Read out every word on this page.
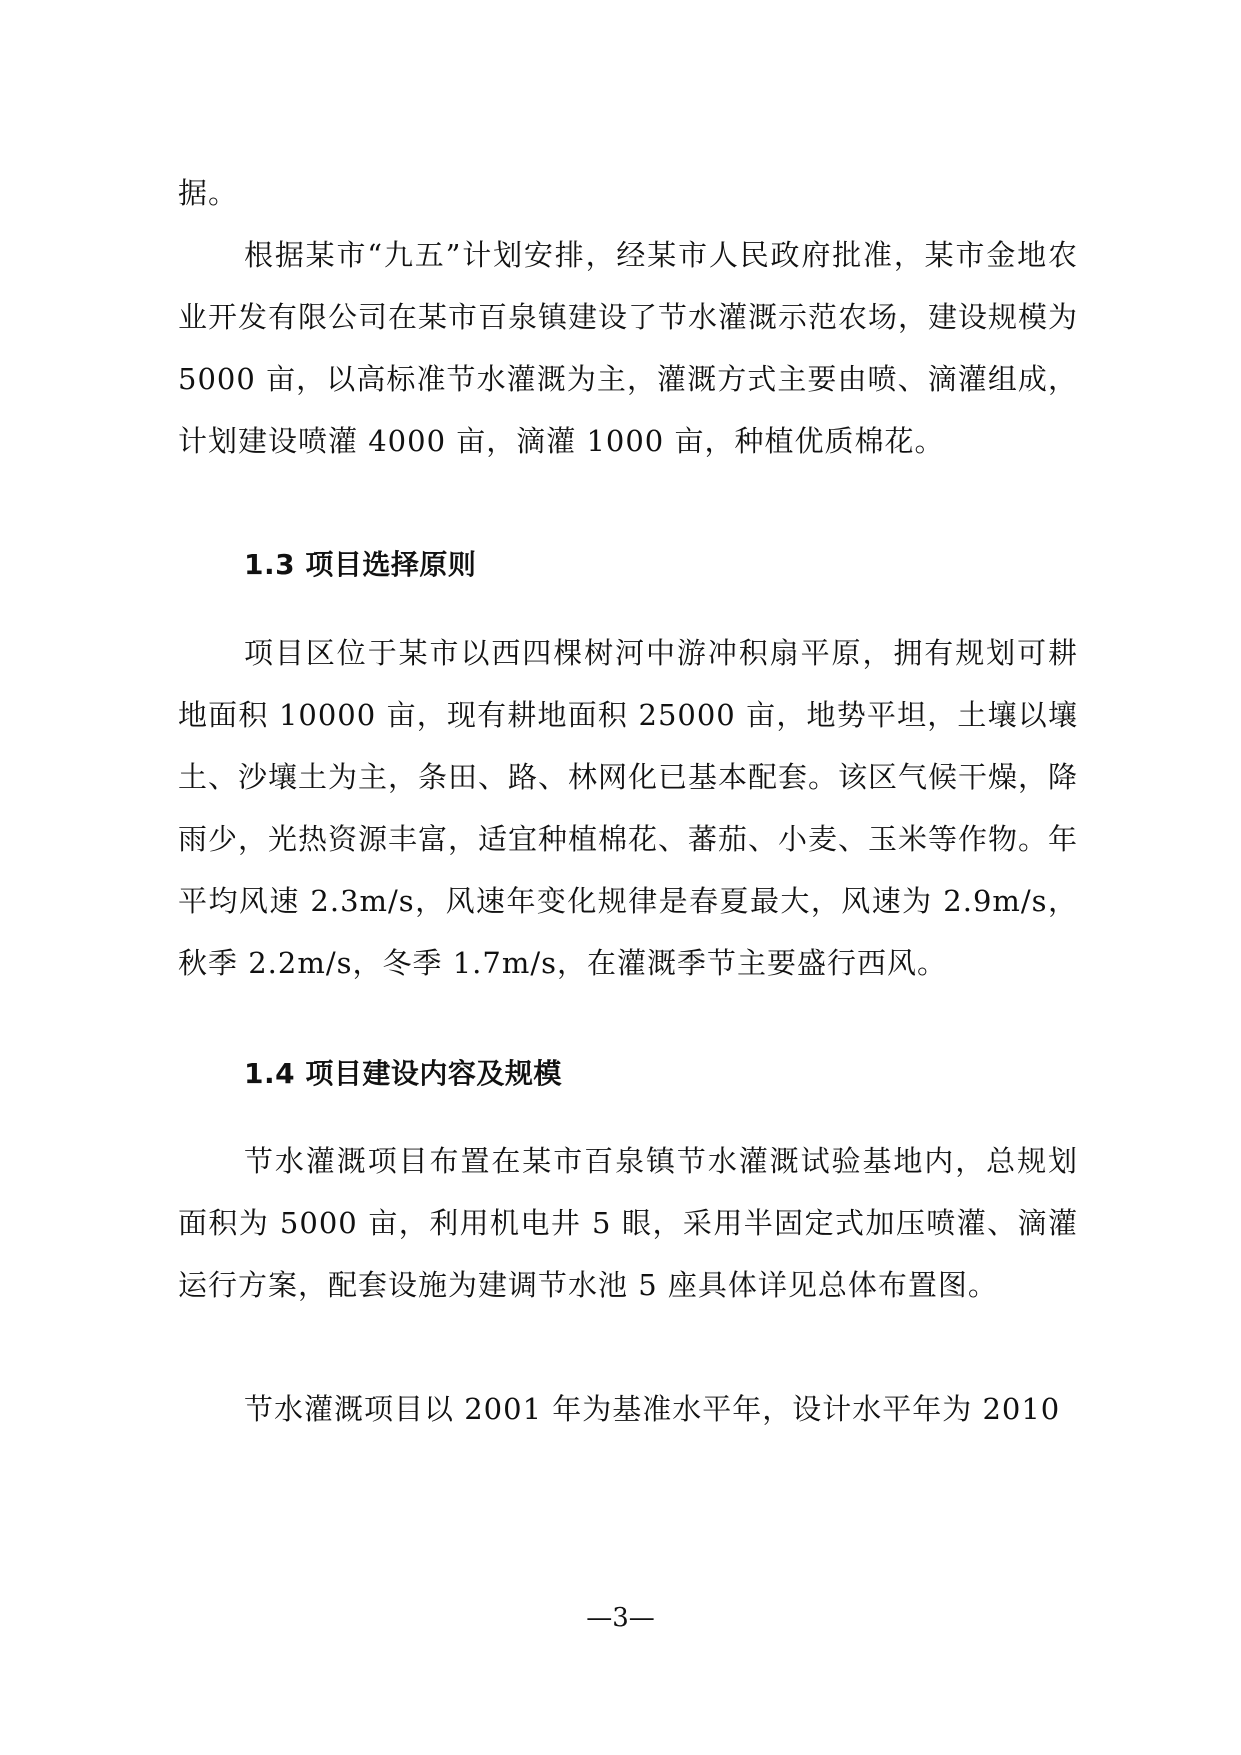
据。

根据某市“九五”计划安排，经某市人民政府批准，某市金地农业开发有限公司在某市百泉镇建设了节水灌溉示范农场，建设规模为 5000 亩，以高标准节水灌溉为主，灌溉方式主要由喷、滴灌组成，计划建设喷灌 4000 亩，滴灌 1000 亩，种植优质棉花。

1.3 项目选择原则

项目区位于某市以西四棵树河中游冲积扇平原，拥有规划可耕地面积 10000 亩，现有耕地面积 25000 亩，地势平坦，土壤以壤土、沙壤土为主，条田、路、林网化已基本配套。该区气候干燥，降雨少，光热资源丰富，适宜种植棉花、蕃茄、小麦、玉米等作物。年平均风速 2.3m/s，风速年变化规律是春夏最大，风速为 2.9m/s，秋季 2.2m/s，冬季 1.7m/s，在灌溉季节主要盛行西风。

1.4 项目建设内容及规模

节水灌溉项目布置在某市百泉镇节水灌溉试验基地内，总规划面积为 5000 亩，利用机电井 5 眼，采用半固定式加压喷灌、滴灌运行方案，配套设施为建调节水池 5 座具体详见总体布置图。

节水灌溉项目以 2001 年为基准水平年，设计水平年为 2010

—3—
